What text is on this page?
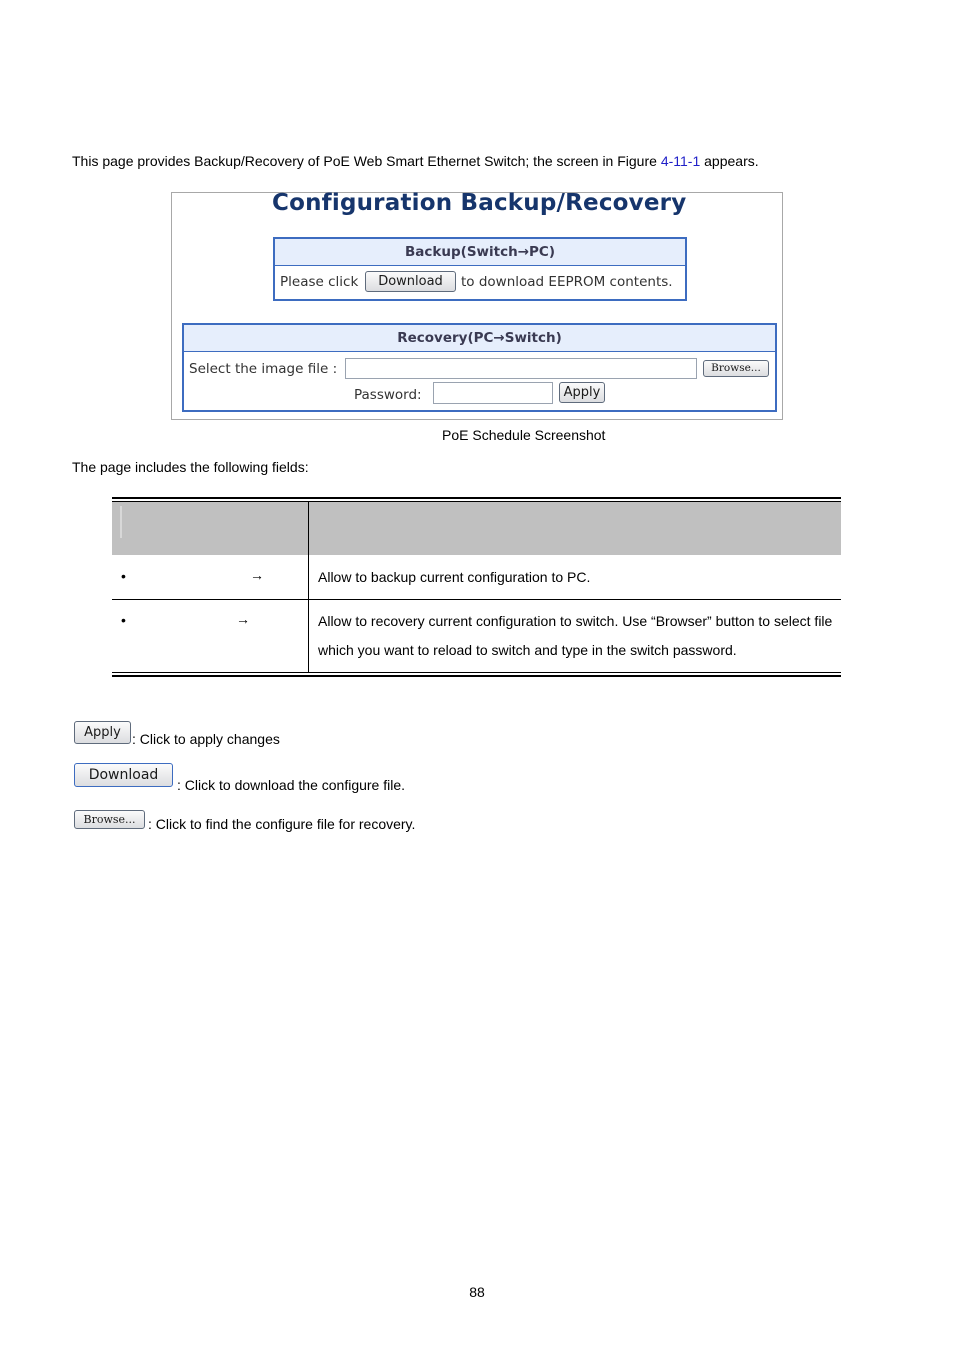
This page provides Backup/Recovery of PoE Web Smart Ethernet Switch; the screen in Figure 4-11-1 appears.
Configuration Backup/Recovery
Backup(Switch→PC)
Please click	Download	to download EEPROM contents.
Recovery(PC→Switch)
Select the image file :	Browse...
Password:	Apply
PoE Schedule Screenshot
The page includes the following fields:
•	→	Allow to backup current configuration to PC.
•	→	Allow to recovery current configuration to switch. Use “Browser” button to select file which you want to reload to switch and type in the switch password.
Apply : Click to apply changes
Download
: Click to download the configure file.
Browse... : Click to find the configure file for recovery.
88
